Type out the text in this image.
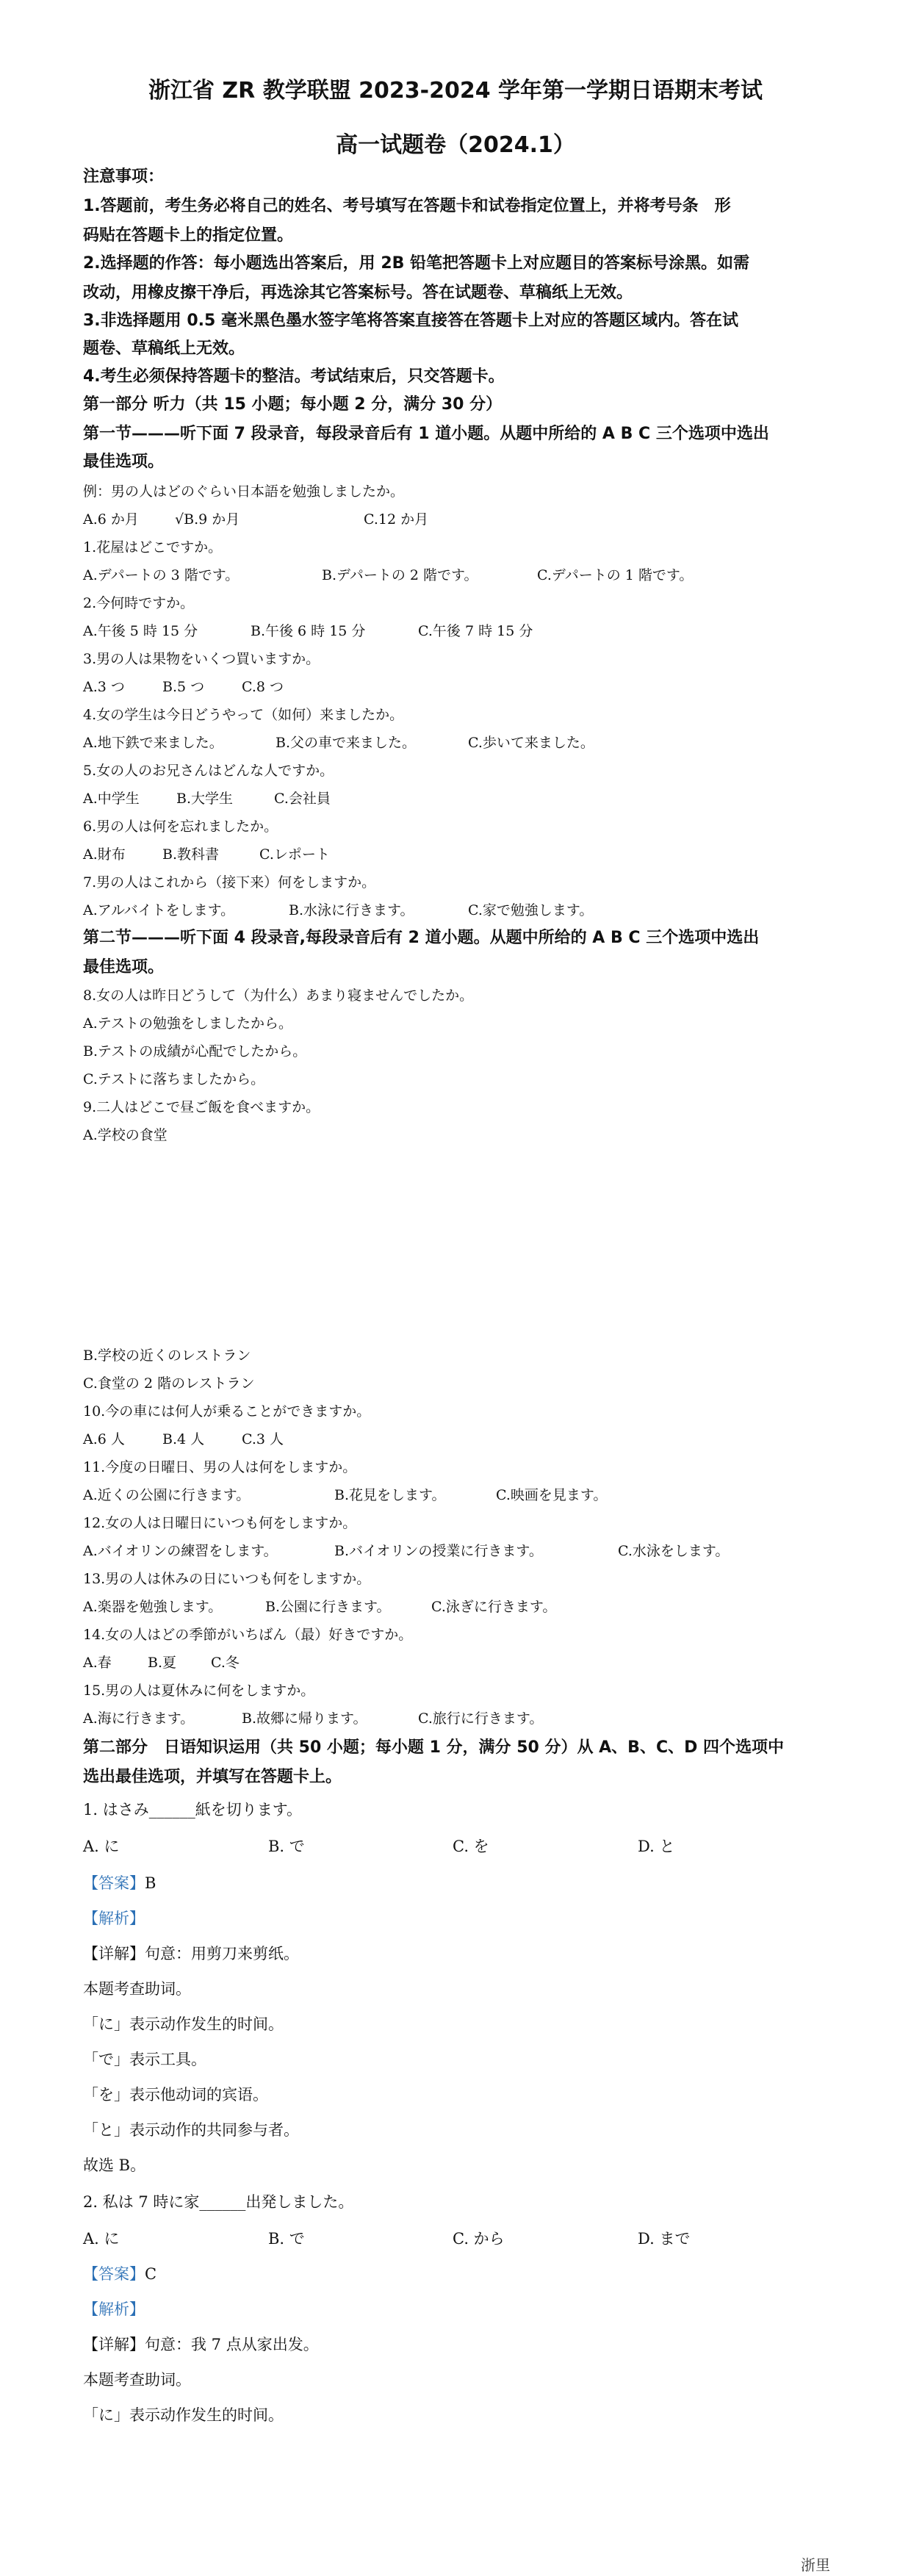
浙江省 ZR 教学联盟 2023-2024 学年第一学期日语期末考试
高一试题卷（2024.1）
注意事项：
1.答题前，考生务必将自己的姓名、考号填写在答题卡和试卷指定位置上，并将考号条　形
码贴在答题卡上的指定位置。
2.选择题的作答：每小题选出答案后，用 2B 铅笔把答题卡上对应题目的答案标号涂黑。如需
改动，用橡皮擦干净后，再选涂其它答案标号。答在试题卷、草稿纸上无效。
3.非选择题用 0.5 毫米黑色墨水签字笔将答案直接答在答题卡上对应的答题区域内。答在试
题卷、草稿纸上无效。
4.考生必须保持答题卡的整洁。考试结束后，只交答题卡。
第一部分 听力（共 15 小题；每小题 2 分，满分 30 分）
第一节———听下面 7 段录音，每段录音后有 1 道小题。从题中所给的 A B C 三个选项中选出
最佳选项。
例：男の人はどのぐらい日本語を勉強しましたか。
A.6 か月	√B.9 か月	C.12 か月
1.花屋はどこですか。
A.デパートの 3 階です。	B.デパートの 2 階です。	C.デパートの 1 階です。
2.今何時ですか。
A.午後 5 時 15 分	B.午後 6 時 15 分	C.午後 7 時 15 分
3.男の人は果物をいくつ買いますか。
A.3 つ	B.5 つ	C.8 つ
4.女の学生は今日どうやって（如何）来ましたか。
A.地下鉄で来ました。	B.父の車で来ました。	C.歩いて来ました。
5.女の人のお兄さんはどんな人ですか。
A.中学生	B.大学生	C.会社員
6.男の人は何を忘れましたか。
A.財布	B.教科書	C.レポート
7.男の人はこれから（接下来）何をしますか。
A.アルバイトをします。	B.水泳に行きます。	C.家で勉強します。
第二节———听下面 4 段录音,每段录音后有 2 道小题。从题中所给的 A B C 三个选项中选出
最佳选项。
8.女の人は昨日どうして（为什么）あまり寝ませんでしたか。
A.テストの勉強をしましたから。
B.テストの成績が心配でしたから。
C.テストに落ちましたから。
9.二人はどこで昼ご飯を食べますか。
A.学校の食堂
B.学校の近くのレストラン
C.食堂の 2 階のレストラン
10.今の車には何人が乗ることができますか。
A.6 人	B.4 人	C.3 人
11.今度の日曜日、男の人は何をしますか。
A.近くの公園に行きます。	B.花見をします。	C.映画を見ます。
12.女の人は日曜日にいつも何をしますか。
A.バイオリンの練習をします。	B.バイオリンの授業に行きます。	C.水泳をします。
13.男の人は休みの日にいつも何をしますか。
A.楽器を勉強します。	B.公園に行きます。	C.泳ぎに行きます。
14.女の人はどの季節がいちばん（最）好きですか。
A.春	B.夏 C.冬
15.男の人は夏休みに何をしますか。
A.海に行きます。	B.故郷に帰ります。	C.旅行に行きます。
第二部分　日语知识运用（共 50 小题；每小题 1 分，满分 50 分）从 A、B、C、D 四个选项中
选出最佳选项，并填写在答题卡上。
1. はさみ______紙を切ります。
A. に	B. で	C. を	D. と
【答案】B
【解析】
【详解】句意：用剪刀来剪纸。
本题考查助词。
「に」表示动作发生的时间。
「で」表示工具。
「を」表示他动词的宾语。
「と」表示动作的共同参与者。
故选 B。
2. 私は 7 時に家______出発しました。
A. に	B. で	C. から	D. まで
【答案】C
【解析】
【详解】句意：我 7 点从家出发。
本题考查助词。
「に」表示动作发生的时间。
浙里
